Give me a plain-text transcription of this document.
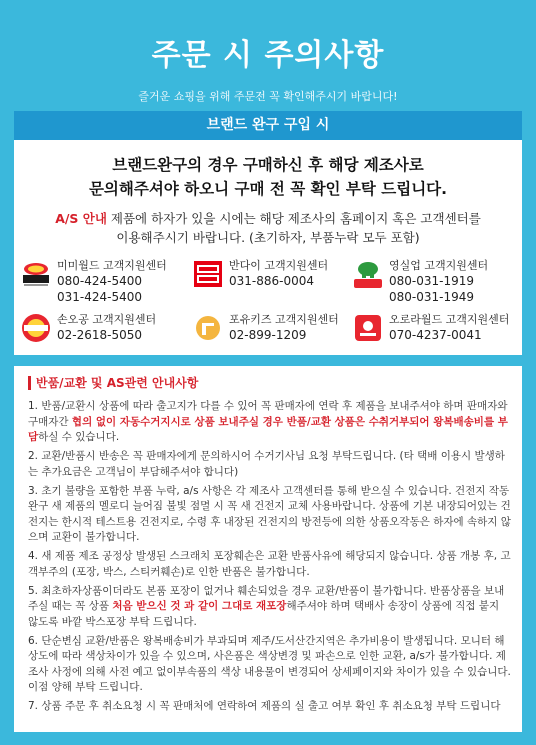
주문 시 주의사항
즐거운 쇼핑을 위해 주문전 꼭 확인해주시기 바랍니다!
브랜드 완구 구입 시
브랜드완구의 경우 구매하신 후 해당 제조사로
문의해주셔야 하오니 구매 전 꼭 확인 부탁 드립니다.
A/S 안내 제품에 하자가 있을 시에는 해당 제조사의 홈페이지 혹은 고객센터를
이용해주시기 바랍니다. (초기하자, 부품누락 모두 포함)
미미월드 고객지원센터
080-424-5400
031-424-5400
반다이 고객지원센터
031-886-0004
영실업 고객지원센터
080-031-1919
080-031-1949
손오공 고객지원센터
02-2618-5050
포유키즈 고객지원센터
02-899-1209
오로라월드 고객지원센터
070-4237-0041
반품/교환 및 AS관련 안내사항
1. 반품/교환시 상품에 따라 출고지가 다를 수 있어 꼭 판매자에 연락 후 제품을 보내주셔야 하며 판매자와 구매자간 협의 없이 자동수거지시로 상품 보내주실 경우 반품/교환 상품은 수취거부되어 왕복배송비를 부담하실 수 있습니다.
2. 교환/반품시 반송은 꼭 판매자에게 문의하시어 수거기사님 요청 부탁드립니다. (타 택배 이용시 발생하는 추가요금은 고객님이 부담해주셔야 합니다)
3. 초기 불량을 포함한 부품 누락, a/s 사항은 각 제조사 고객센터를 통해 받으실 수 있습니다. 건전지 작동 완구 새 제품의 멜로디 늘어짐 불빛 점멸 시 꼭 새 건전지 교체 사용바랍니다. 상품에 기본 내장되어있는 건전지는 한시적 테스트용 건전지로, 수령 후 내장된 건전지의 방전등에 의한 상품오작동은 하자에 속하지 않으며 교환이 불가합니다.
4. 새 제품 제조 공정상 발생된 스크래치 포장훼손은 교환 반품사유에 해당되지 않습니다. 상품 개봉 후, 고객부주의 (포장, 박스, 스티커훼손)로 인한 반품은 불가합니다.
5. 최초하자상품이더라도 본품 포장이 없거나 훼손되었을 경우 교환/반품이 불가합니다. 반품상품을 보내주실 때는 꼭 상품 처음 받으신 것 과 같이 그대로 재포장해주셔야 하며 택배사 송장이 상품에 직접 붙지 않도록 바깥 박스포장 부탁 드립니다.
6. 단순변심 교환/반품은 왕복배송비가 부과되며 제주/도서산간지역은 추가비용이 발생됩니다. 모니터 해상도에 따라 색상차이가 있을 수 있으며, 사은품은 색상변경 및 파손으로 인한 교환, a/s가 불가합니다. 제조사 사정에 의해 사전 예고 없이부속품의 색상 내용물이 변경되어 상세페이지와 차이가 있을 수 있습니다. 이점 양해 부탁 드립니다.
7. 상품 주문 후 취소요청 시 꼭 판매처에 연락하여 제품의 실 출고 여부 확인 후 취소요청 부탁 드립니다
